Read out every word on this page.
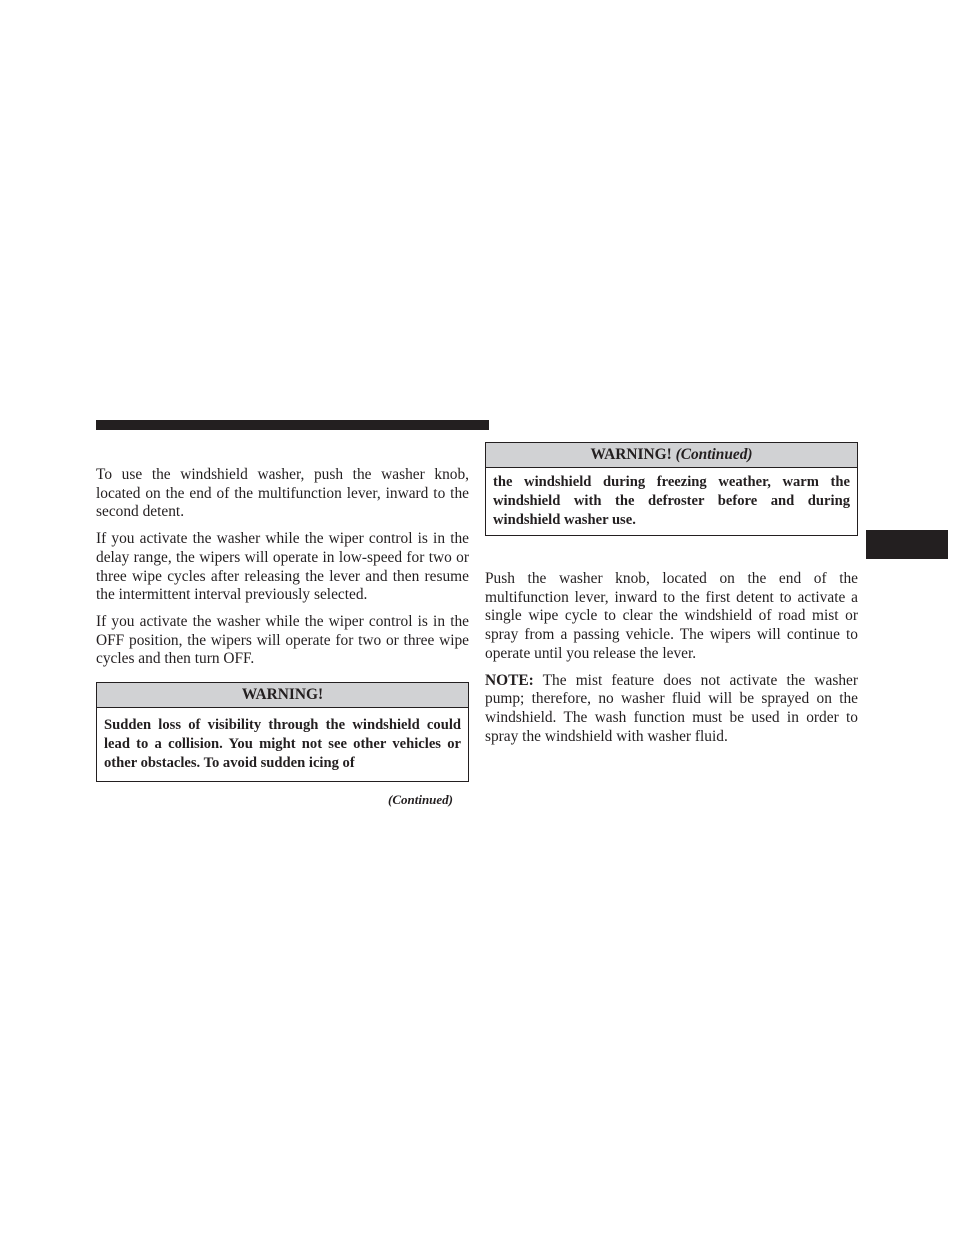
To use the windshield washer, push the washer knob, located on the end of the multifunction lever, inward to the second detent.

If you activate the washer while the wiper control is in the delay range, the wipers will operate in low-speed for two or three wipe cycles after releasing the lever and then resume the intermittent interval previously selected.

If you activate the washer while the wiper control is in the OFF position, the wipers will operate for two or three wipe cycles and then turn OFF.

WARNING!
Sudden loss of visibility through the windshield could lead to a collision. You might not see other vehicles or other obstacles. To avoid sudden icing of
(Continued)
WARNING! (Continued)
the windshield during freezing weather, warm the windshield with the defroster before and during windshield washer use.

Push the washer knob, located on the end of the multifunction lever, inward to the first detent to activate a single wipe cycle to clear the windshield of road mist or spray from a passing vehicle. The wipers will continue to operate until you release the lever.

NOTE: The mist feature does not activate the washer pump; therefore, no washer fluid will be sprayed on the windshield. The wash function must be used in order to spray the windshield with washer fluid.
